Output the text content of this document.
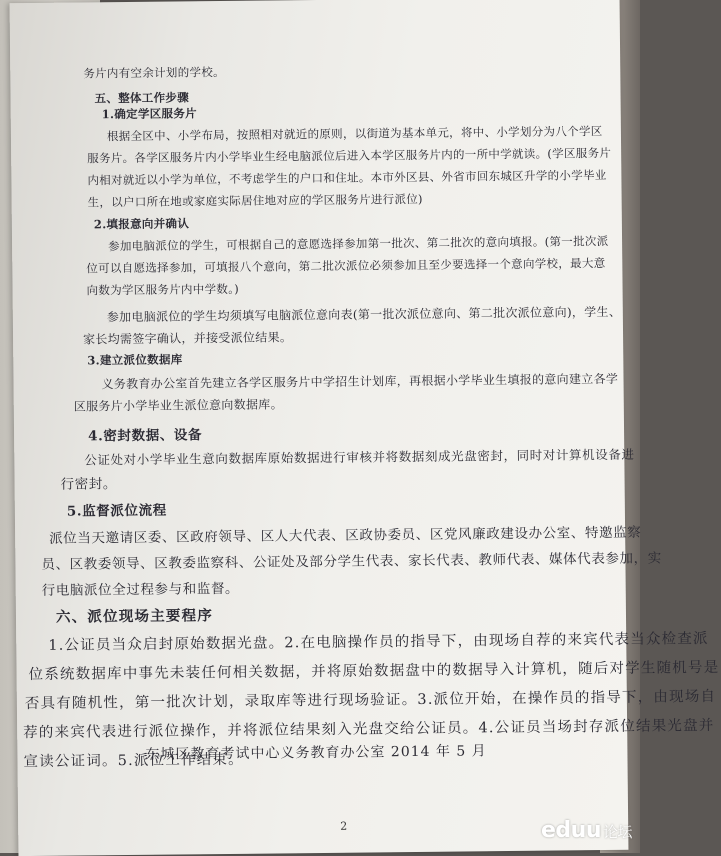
务片内有空余计划的学校。
五、整体工作步骤
1.确定学区服务片
根据全区中、小学布局，按照相对就近的原则，以街道为基本单元，将中、小学划分为八个学区
服务片。各学区服务片内小学毕业生经电脑派位后进入本学区服务片内的一所中学就读。(学区服务片
内相对就近以小学为单位，不考虑学生的户口和住址。本市外区县、外省市回东城区升学的小学毕业
生，以户口所在地或家庭实际居住地对应的学区服务片进行派位)
2.填报意向并确认
参加电脑派位的学生，可根据自己的意愿选择参加第一批次、第二批次的意向填报。(第一批次派
位可以自愿选择参加，可填报八个意向，第二批次派位必须参加且至少要选择一个意向学校，最大意
向数为学区服务片内中学数。)
参加电脑派位的学生均须填写电脑派位意向表(第一批次派位意向、第二批次派位意向)，学生、
家长均需签字确认，并接受派位结果。
3.建立派位数据库
义务教育办公室首先建立各学区服务片中学招生计划库，再根据小学毕业生填报的意向建立各学
区服务片小学毕业生派位意向数据库。
4.密封数据、设备
公证处对小学毕业生意向数据库原始数据进行审核并将数据刻成光盘密封，同时对计算机设备进
行密封。
5.监督派位流程
派位当天邀请区委、区政府领导、区人大代表、区政协委员、区党风廉政建设办公室、特邀监察
员、区教委领导、区教委监察科、公证处及部分学生代表、家长代表、教师代表、媒体代表参加，实
行电脑派位全过程参与和监督。
六、派位现场主要程序
1.公证员当众启封原始数据光盘。2.在电脑操作员的指导下，由现场自荐的来宾代表当众检查派
位系统数据库中事先未装任何相关数据，并将原始数据盘中的数据导入计算机，随后对学生随机号是
否具有随机性，第一批次计划，录取库等进行现场验证。3.派位开始，在操作员的指导下，由现场自
荐的来宾代表进行派位操作，并将派位结果刻入光盘交给公证员。4.公证员当场封存派位结果光盘并
宣读公证词。5.派位工作结束。
东城区教育考试中心义务教育办公室 2014 年 5 月
2	eduu 论坛
